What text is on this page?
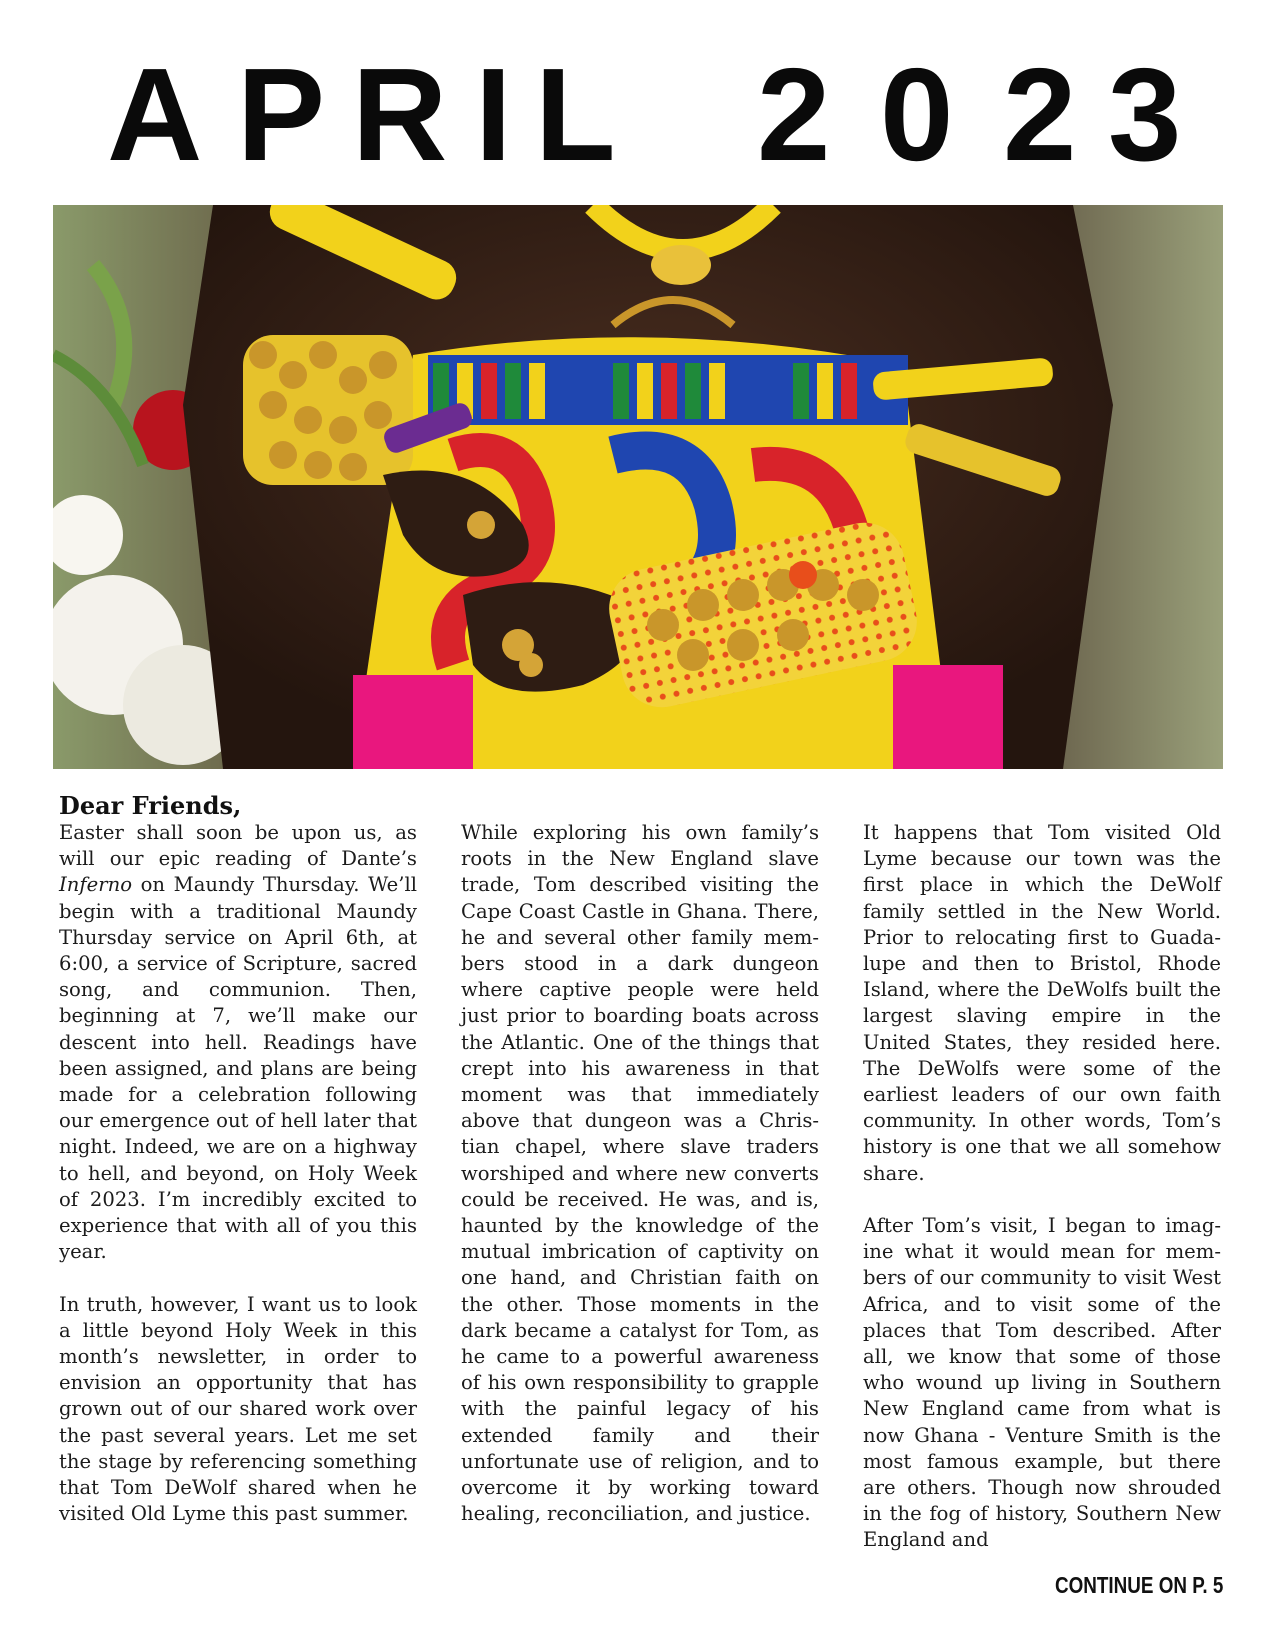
A P R I L 2 0 2 3
Dear Friends,

Easter shall soon be upon us, as will our epic reading of Dante’s Inferno on Maundy Thursday. We’ll begin with a traditional Maundy Thursday service on April 6th, at 6:00, a service of Scripture, sacred song, and communion. Then, beginning at 7, we’ll make our descent into hell. Readings have been assigned, and plans are being made for a celebration following our emergence out of hell later that night. Indeed, we are on a highway to hell, and beyond, on Holy Week of 2023. I’m incredibly excited to experience that with all of you this year.

In truth, however, I want us to look a little beyond Holy Week in this month’s newsletter, in order to envision an opportunity that has grown out of our shared work over the past several years. Let me set the stage by referencing something that Tom DeWolf shared when he visited Old Lyme this past summer.

While exploring his own family’s roots in the New England slave trade, Tom described visiting the Cape Coast Castle in Ghana. There, he and several other family members stood in a dark dungeon where captive people were held just prior to boarding boats across the Atlantic. One of the things that crept into his awareness in that moment was that immediately above that dungeon was a Christian chapel, where slave traders worshiped and where new converts could be received. He was, and is, haunted by the knowledge of the mutual imbrication of captivity on one hand, and Christian faith on the other. Those moments in the dark became a catalyst for Tom, as he came to a powerful awareness of his own responsibility to grapple with the painful legacy of his extended family and their unfortunate use of religion, and to overcome it by working toward healing, reconciliation, and justice.

It happens that Tom visited Old Lyme because our town was the first place in which the DeWolf family settled in the New World. Prior to relocating first to Guadalupe and then to Bristol, Rhode Island, where the DeWolfs built the largest slaving empire in the United States, they resided here. The DeWolfs were some of the earliest leaders of our own faith community. In other words, Tom’s history is one that we all somehow share.

After Tom’s visit, I began to imagine what it would mean for members of our community to visit West Africa, and to visit some of the places that Tom described. After all, we know that some of those who wound up living in Southern New England came from what is now Ghana - Venture Smith is the most famous example, but there are others. Though now shrouded in the fog of history, Southern New England and

CONTINUE ON P. 5
